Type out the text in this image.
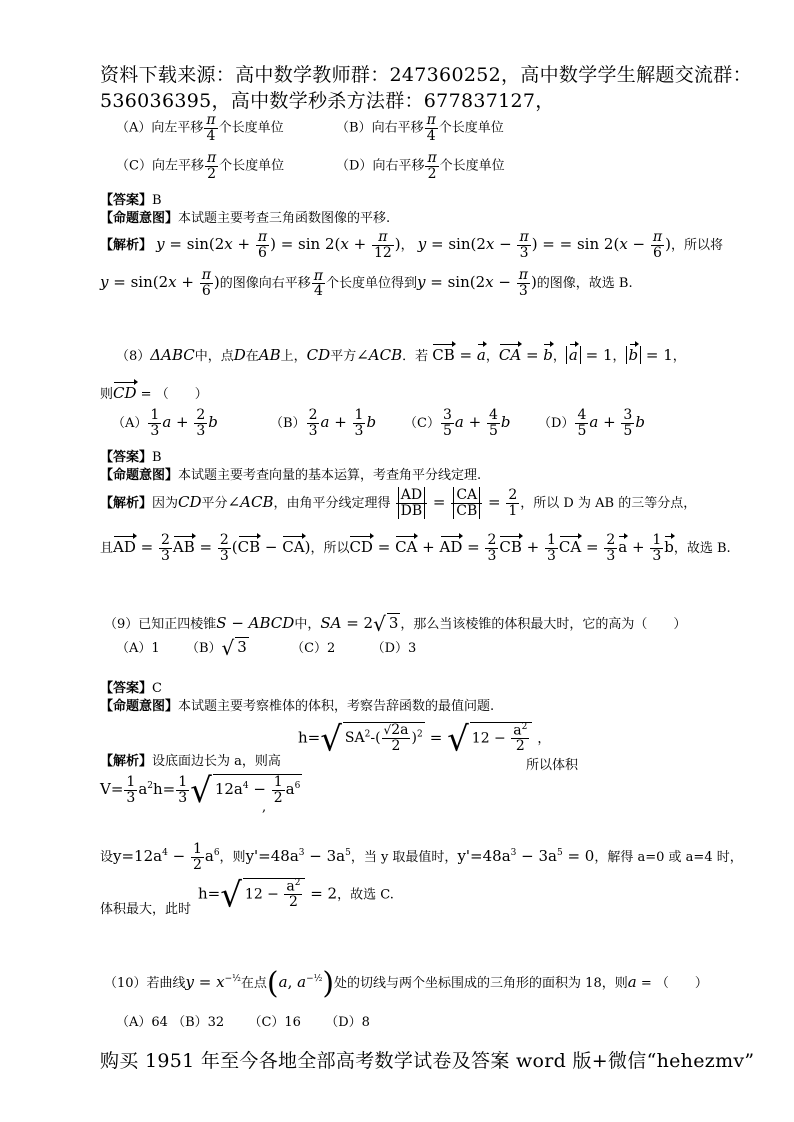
资料下载来源：高中数学教师群：247360252，高中数学学生解题交流群：
536036395，高中数学秒杀方法群：677837127，
（A）向左平移 $\frac{\pi}{4}$ 个长度单位	（B）向右平移 $\frac{\pi}{4}$ 个长度单位
（C）向左平移 $\frac{\pi}{2}$ 个长度单位	（D）向右平移 $\frac{\pi}{2}$ 个长度单位
【答案】B
【命题意图】本试题主要考查三角函数图像的平移.
【解析】 $y = \sin(2x + \frac{\pi}{6}$ ) = $\sin 2(x + \frac{\pi}{12}$ )， $y = \sin(2x - \frac{\pi}{3}$ ) = = $\sin 2(x - \frac{\pi}{6}$ )，所以将
$y = \sin(2x + \frac{\pi}{6}$ )的图像向右平移 $\frac{\pi}{4}$ 个长度单位得到$y = \sin(2x - \frac{\pi}{3}$ )的图像，故选 B.
（8）ΔABC中，点D在AB上，CD平方∠ACB．若 CB = a，CA = b， a = 1， b = 1，
则CD = （　　）
$(A) \frac{1}{3}$ $a + \frac{2}{3}$ b	$(B) \frac{2}{3}$ $a + \frac{1}{3}$ b $(C) \frac{3}{5}$ $a + \frac{4}{5}$ b $(D) \frac{4}{5}$ $a + \frac{3}{5}$ b
【答案】B
【命题意图】本试题主要考查向量的基本运算，考查角平分线定理.
【解析】因为CD平分∠ACB，由角平分线定理得 $\frac{AD}{DB} = \frac{CA}{CB} = \frac{2}{1}$ ，所以 D 为 AB 的三等分点，
且AD = $\frac{2}{3}$ AB = $\frac{2}{3} (CB - CA)$，所以CD = CA + AD = $\frac{2}{3}$ CB + $\frac{1}{3}$ CA = $\frac{2}{3}$ $a + \frac{1}{3}$ b，故选 B.
（9）已知正四棱锥S − ABCD中，SA = 2√ 3 ，那么当该棱锥的体积最大时，它的高为（　　）
（A）1 （B）√ 3	（C）2	（D）3
【答案】C
【命题意图】本试题主要考察椎体的体积，考察告辞函数的最值问题.
【解析】设底面边长为 a，则高
h=√ $SA^2-( \frac{√2a}{2} )^2$ = √ $12 - \frac{a^2}{2}$ ，
所以体积
$V= \frac{1}{3} a^2h= \frac{1}{3}$ √ $12a^4 - \frac{1}{2} a^6$
,
设$y=12a^4 - \frac{1}{2} a^6$，则$y'=48a^3 - 3a^5$，当 y 取最值时，$y'=48a^3 - 3a^5 = 0$，解得 a=0 或 a=4 时，
体积最大，此时
h=√ $12 - \frac{a^2}{2} = 2$，故选 C.
（10）若曲线$y = x^{-\frac{1}{2}}$在点(a, $a^{-\frac{1}{2}}$)处的切线与两个坐标围成的三角形的面积为 18，则a = （　　）
（A）64 （B）32 （C）16 （D）8
购买 1951 年至今各地全部高考数学试卷及答案 word 版+微信“hehezmv”
